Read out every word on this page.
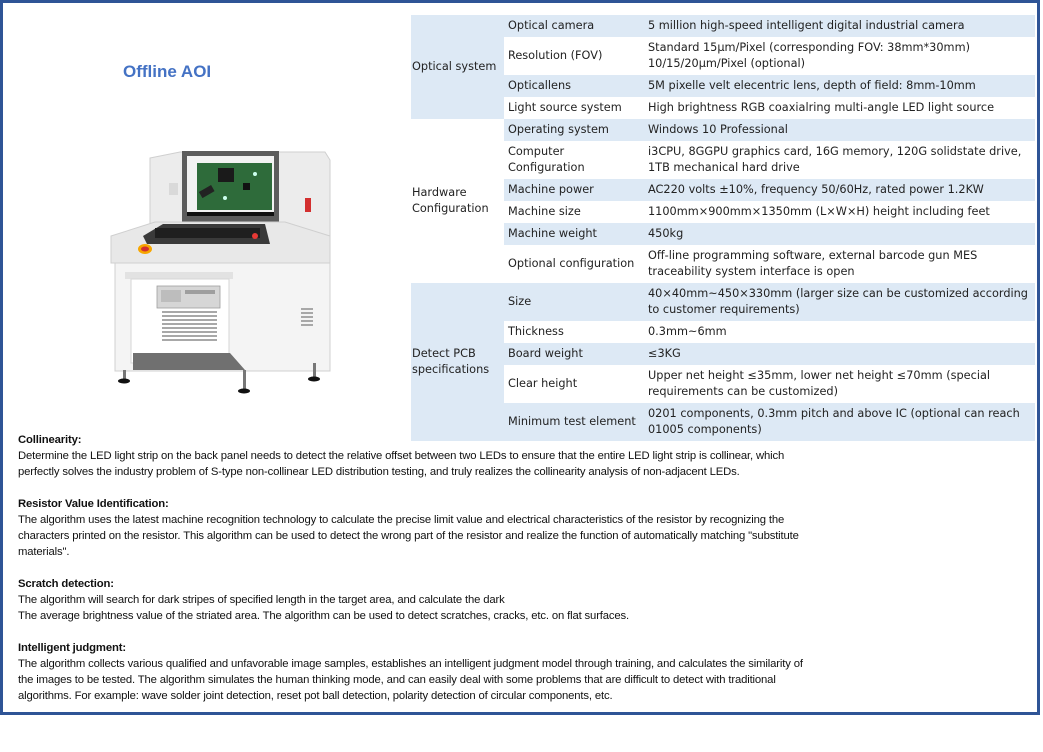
Offline AOI	Optical system	Optical camera	5 million high-speed intelligent digital industrial camera
	Resolution (FOV)	Standard 15µm/Pixel (corresponding FOV: 38mm*30mm)
10/15/20µm/Pixel (optional)
	Opticallens	5M pixelle velt elecentric lens, depth of field: 8mm-10mm
	Light source system	High brightness RGB coaxialring multi-angle LED light source
Hardware
Configuration	Operating system	Windows 10 Professional
	Computer Configuration	i3CPU, 8GGPU graphics card, 16G memory, 120G solidstate drive, 1TB mechanical hard drive
	Machine power	AC220 volts ±10%, frequency 50/60Hz, rated power 1.2KW
	Machine size	1100mm×900mm×1350mm (L×W×H) height including feet
	Machine weight	450kg
	Optional configuration	Off-line programming software, external barcode gun MES traceability system interface is open
Detect PCB
specifications	Size	40×40mm~450×330mm (larger size can be customized according to customer requirements)
	Thickness	0.3mm~6mm
	Board weight	≤3KG
	Clear height	Upper net height ≤35mm, lower net height ≤70mm (special requirements can be customized)
	Minimum test element	0201 components, 0.3mm pitch and above IC (optional can reach 01005 components)
Collinearity:

Determine the LED light strip on the back panel needs to detect the relative offset between two LEDs to ensure that the entire LED light strip is collinear, which

perfectly solves the industry problem of S-type non-collinear LED distribution testing, and truly realizes the collinearity analysis of non-adjacent LEDs.

Resistor Value Identification:

The algorithm uses the latest machine recognition technology to calculate the precise limit value and electrical characteristics of the resistor by recognizing the

characters printed on the resistor. This algorithm can be used to detect the wrong part of the resistor and realize the function of automatically matching "substitute

materials".

Scratch detection:

The algorithm will search for dark stripes of specified length in the target area, and calculate the dark

The average brightness value of the striated area. The algorithm can be used to detect scratches, cracks, etc. on flat surfaces.

Intelligent judgment:

The algorithm collects various qualified and unfavorable image samples, establishes an intelligent judgment model through training, and calculates the similarity of

the images to be tested. The algorithm simulates the human thinking mode, and can easily deal with some problems that are difficult to detect with traditional

algorithms. For example: wave solder joint detection, reset pot ball detection, polarity detection of circular components, etc.
